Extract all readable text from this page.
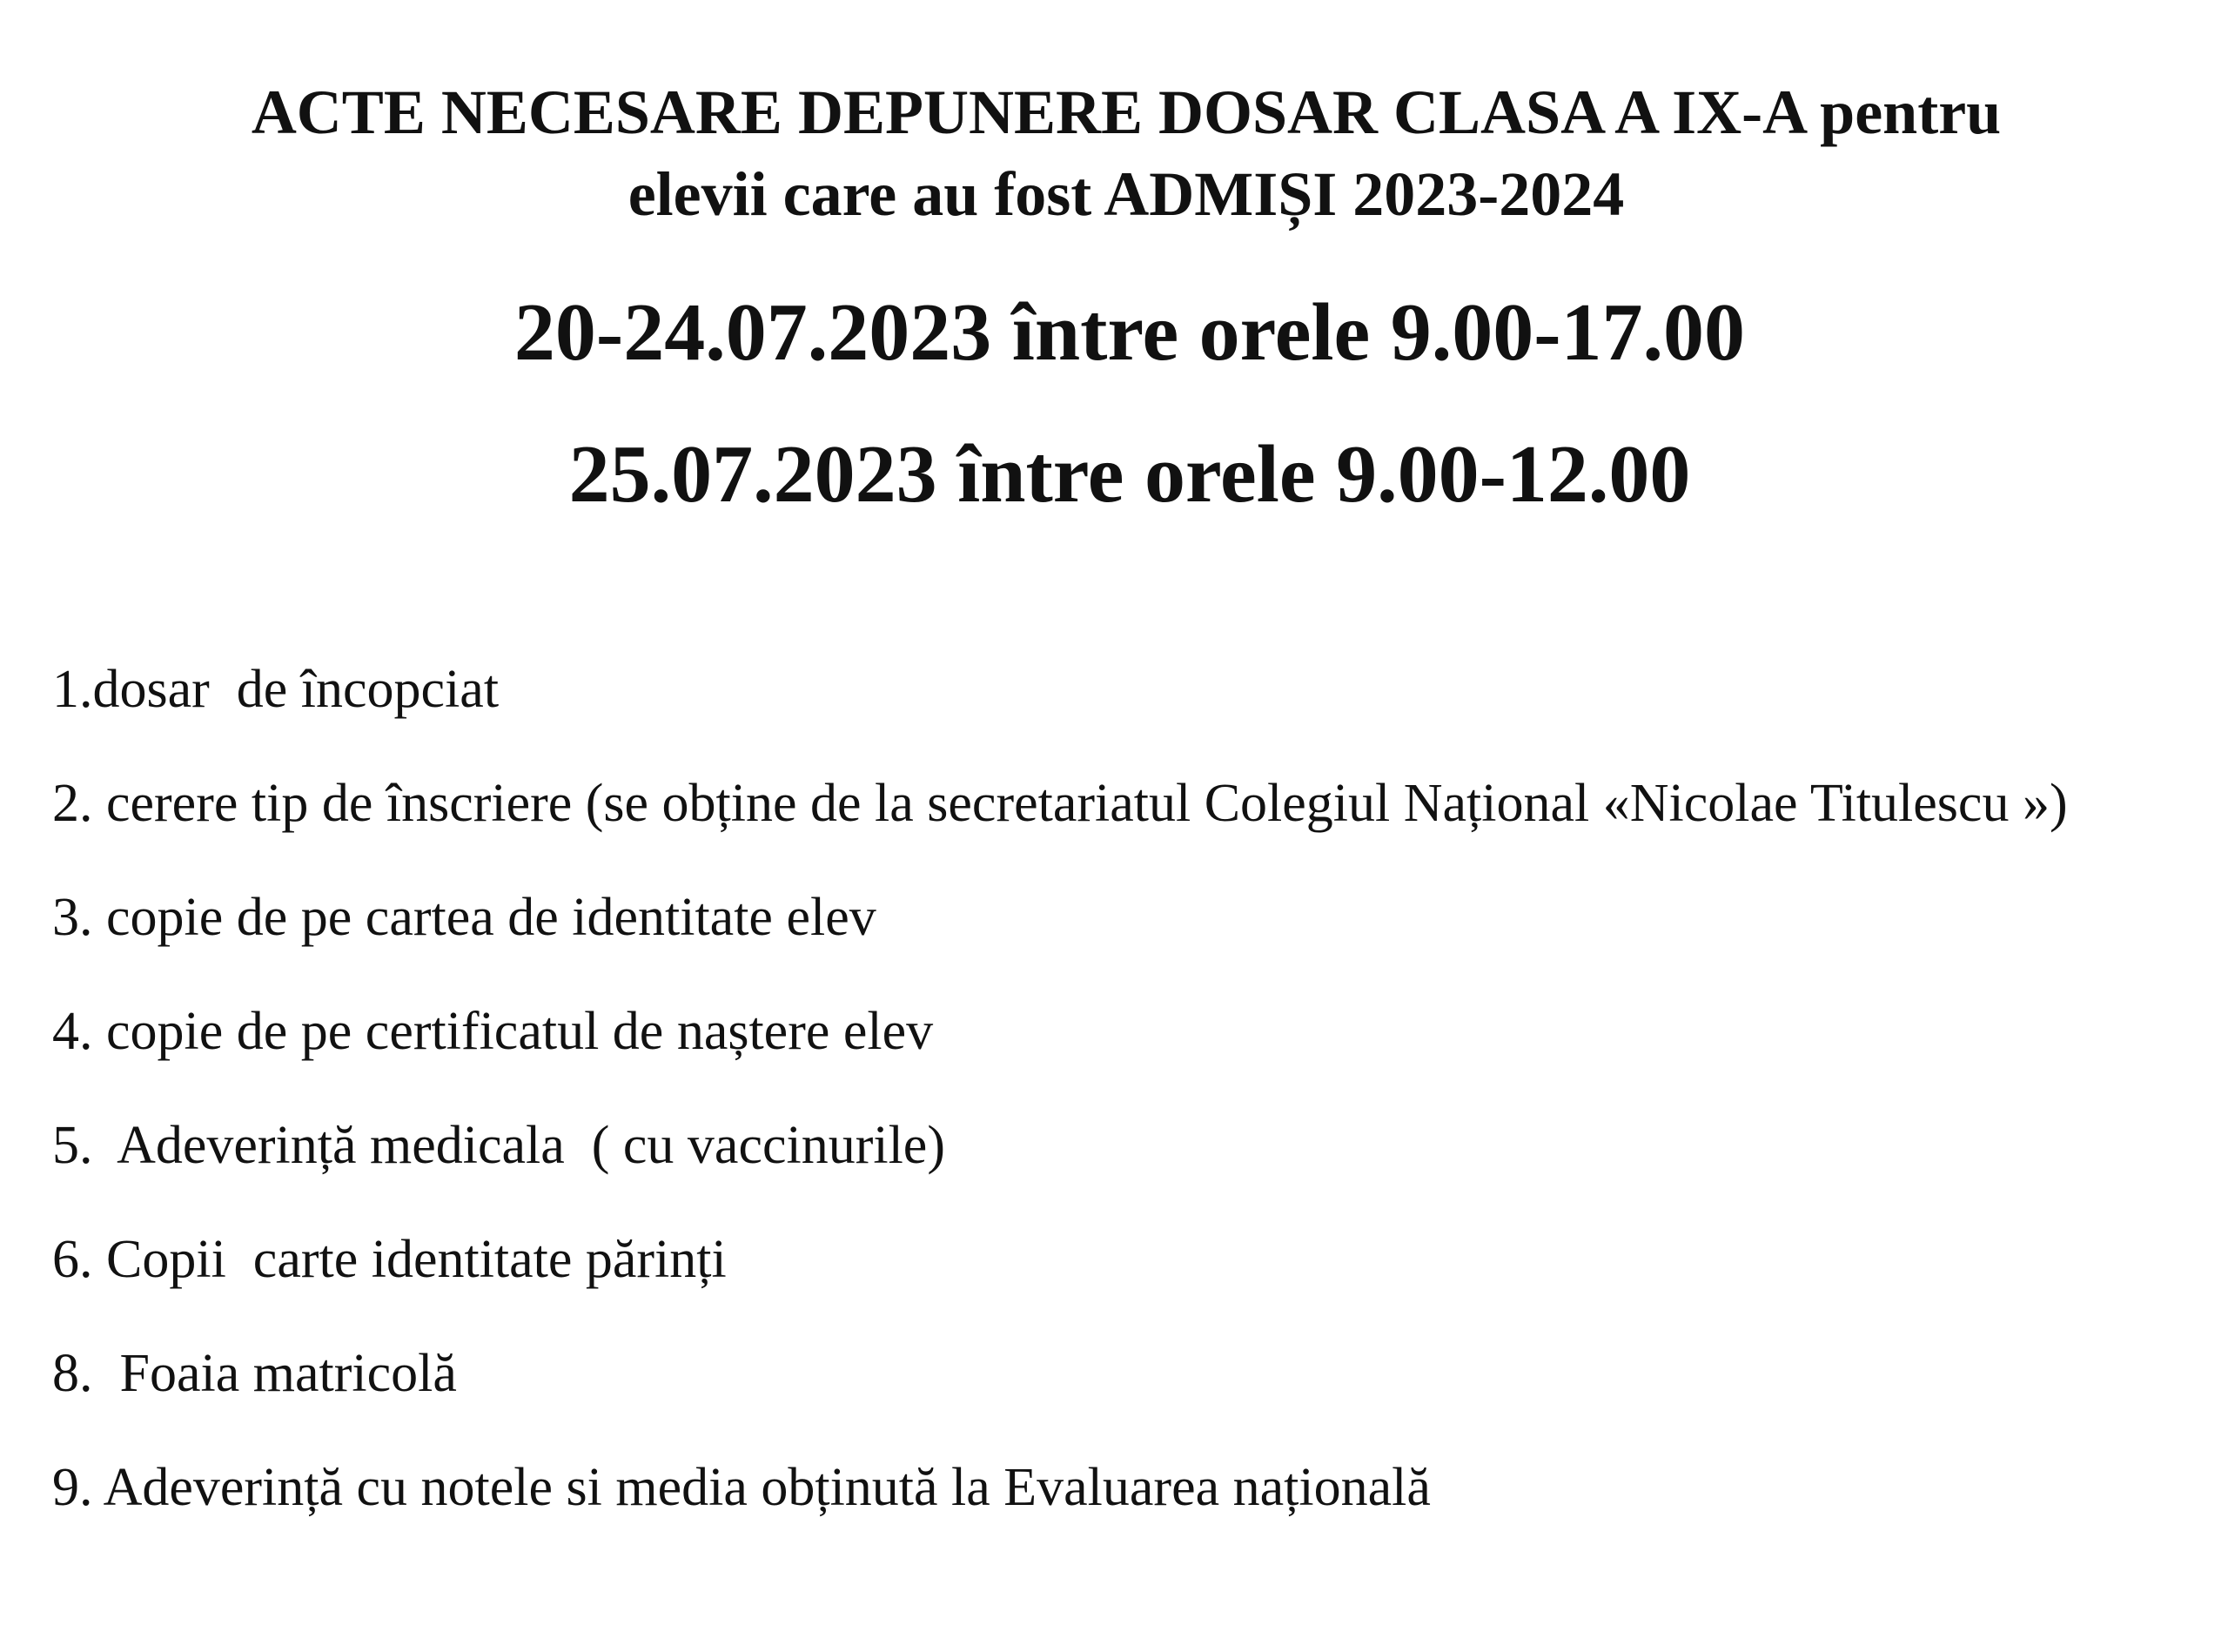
ACTE NECESARE DEPUNERE DOSAR CLASA A IX-A pentru
elevii care au fost ADMIȘI 2023-2024
20-24.07.2023 între orele 9.00-17.00
25.07.2023 între orele 9.00-12.00
1.dosar  de încopciat
2. cerere tip de înscriere (se obține de la secretariatul Colegiul Național «Nicolae Titulescu »)
3. copie de pe cartea de identitate elev
4. copie de pe certificatul de naștere elev
5.  Adeverință medicala  ( cu vaccinurile)
6. Copii  carte identitate părinți
8.  Foaia matricolă
9. Adeverință cu notele si media obținută la Evaluarea națională
